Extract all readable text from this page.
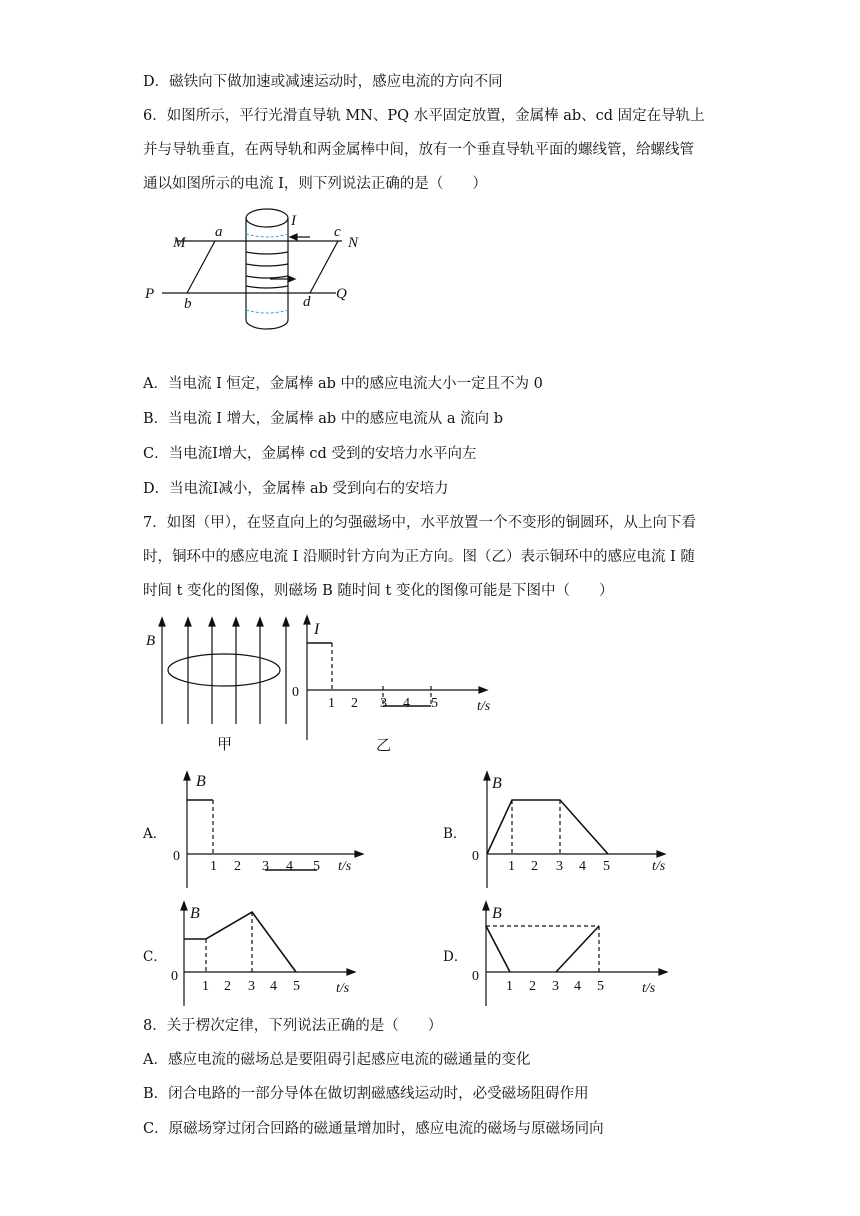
D．磁铁向下做加速或减速运动时，感应电流的方向不同
6．如图所示，平行光滑直导轨 MN、PQ 水平固定放置，金属棒 ab、cd 固定在导轨上
并与导轨垂直，在两导轨和两金属棒中间，放有一个垂直导轨平面的螺线管，给螺线管
通以如图所示的电流 I，则下列说法正确的是（　　）
M	N
P	Q
a
b
c
d
I
A．当电流 I 恒定，金属棒 ab 中的感应电流大小一定且不为 0
B．当电流 I 增大，金属棒 ab 中的感应电流从 a 流向 b
C．当电流I增大，金属棒 cd 受到的安培力水平向左
D．当电流I减小，金属棒 ab 受到向右的安培力
7．如图（甲），在竖直向上的匀强磁场中，水平放置一个不变形的铜圆环，从上向下看
时，铜环中的感应电流 I 沿顺时针方向为正方向。图（乙）表示铜环中的感应电流 I 随
时间 t 变化的图像，则磁场 B 随时间 t 变化的图像可能是下图中（　　）
B
甲
0
1 2 3 4 5	t/s
I
乙
A．
B
0
1 2 3 4 5 t/s
B．
B
0
1 2 3 4 5	t/s
C．
B
0
1 2 3 4 5	t/s
D．
B
0
1 2 3 4 5	t/s
8．关于楞次定律，下列说法正确的是（　　）
A．感应电流的磁场总是要阻碍引起感应电流的磁通量的变化
B．闭合电路的一部分导体在做切割磁感线运动时，必受磁场阻碍作用
C．原磁场穿过闭合回路的磁通量增加时，感应电流的磁场与原磁场同向
